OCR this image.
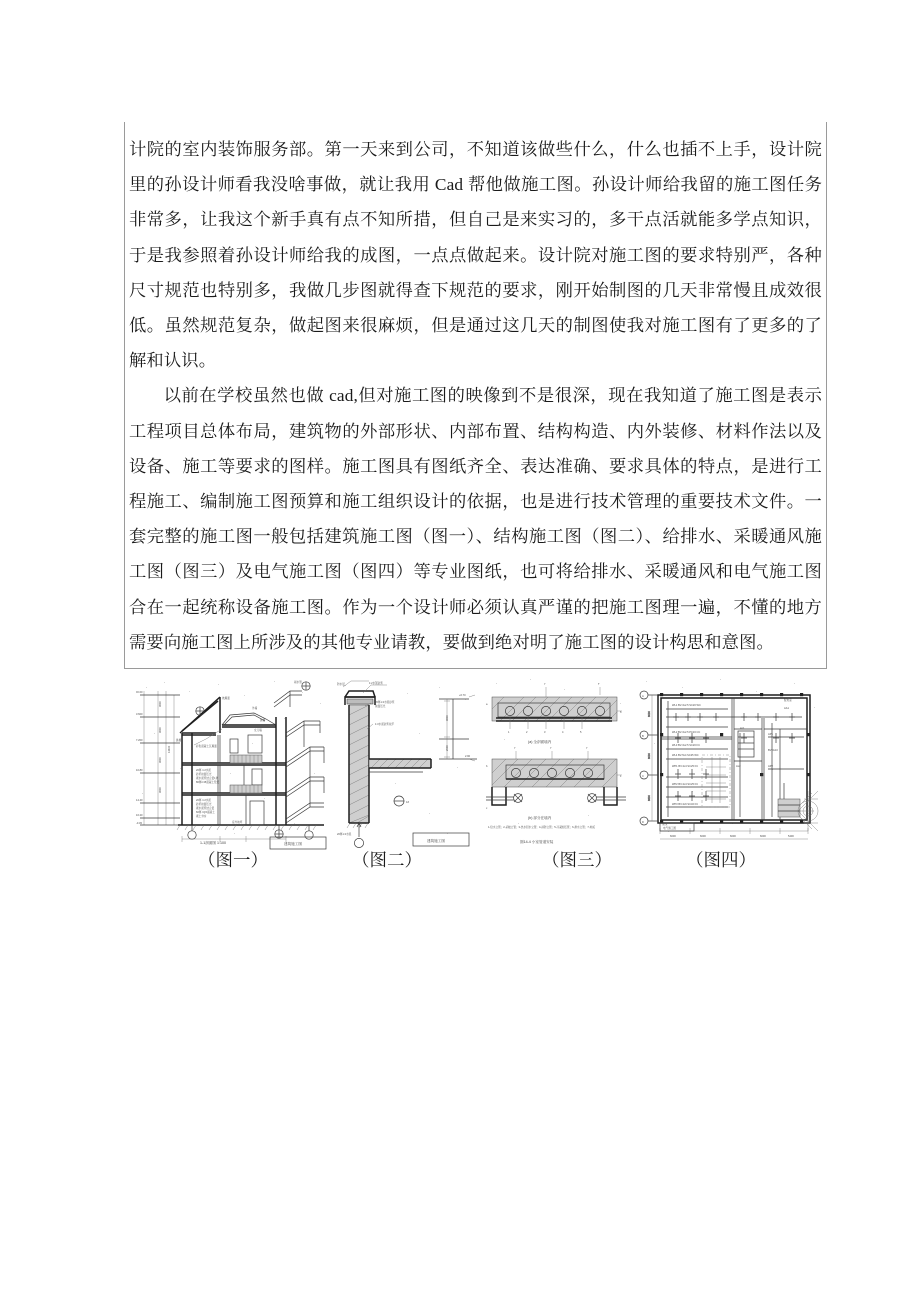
计院的室内装饰服务部。第一天来到公司，不知道该做些什么，什么也插不上手，设计院里的孙设计师看我没啥事做，就让我用 Cad 帮他做施工图。孙设计师给我留的施工图任务非常多，让我这个新手真有点不知所措，但自己是来实习的，多干点活就能多学点知识，于是我参照着孙设计师给我的成图，一点点做起来。设计院对施工图的要求特别严，各种尺寸规范也特别多，我做几步图就得查下规范的要求，刚开始制图的几天非常慢且成效很低。虽然规范复杂，做起图来很麻烦，但是通过这几天的制图使我对施工图有了更多的了解和认识。

以前在学校虽然也做 cad,但对施工图的映像到不是很深，现在我知道了施工图是表示工程项目总体布局，建筑物的外部形状、内部布置、结构构造、内外装修、材料作法以及设备、施工等要求的图样。施工图具有图纸齐全、表达准确、要求具体的特点，是进行工程施工、编制施工图预算和施工组织设计的依据，也是进行技术管理的重要技术文件。一套完整的施工图一般包括建筑施工图（图一）、结构施工图（图二）、给排水、采暖通风施工图（图三）及电气施工图（图四）等专业图纸，也可将给排水、采暖通风和电气施工图合在一起统称设备施工图。作为一个设计师必须认真严谨的把施工图理一遍，不懂的地方需要向施工图上所涉及的其他专业请教，要做到绝对明了施工图的设计构思和意图。

±0.00
3.600
7.200
10.80
14.40
16.20
-0.45
3600
3600
3600
3600
14400
20厚 1:2水泥
砂浆抹面压光
素水泥浆结合层1道
80厚C15混凝土垫层
20厚 1:2水泥
砂浆抹面压光
素水泥浆结合层
60厚 C15混凝土
素土夯实
彩色混凝土瓦屋面
坡屋面
外墙
挑檐
女儿墙
雨水管
挑檐
室外地坪
1-1剖面图 1:100	建筑施工图
防水层	1:2水泥砂浆
20厚1:2水泥砂浆
抹面压光
1:3水泥砂浆找平
20厚1:2水泥
1#
+6.70
3600
2000
2.90
建筑施工图
1	2	3	4	5
7
7
6
a
(a) 全剖面墙内
7	7	7
1
b
c
(b) 部分在墙内
1-给水立管；2-采暖立管；3-热水回水立管；4-消防立管；5-冷凝加压管；6-排水立管；7-地板
图14-4 小室管道安装
AL1
A
B
C
D
6000
6000
6600
6000	6000	6000	6000	5400
WL1 BV-3x2.5 SC20 WC
WL2 BV-3x2.5 PC16 CC
WL3 BV-3x2.5 SC20 FC
WL4 BV-5x4 SC25 WC
WP1 BV-3x4 SC25 FC
WP2 BV-3x4 SC25 FC
WP3 BV-3x6 SC32 FC
AL2
AP1
BV-4x10
AP2
配电室
AA1
进线
电气施工图
（图一）	（图二）	（图三）	（图四）
